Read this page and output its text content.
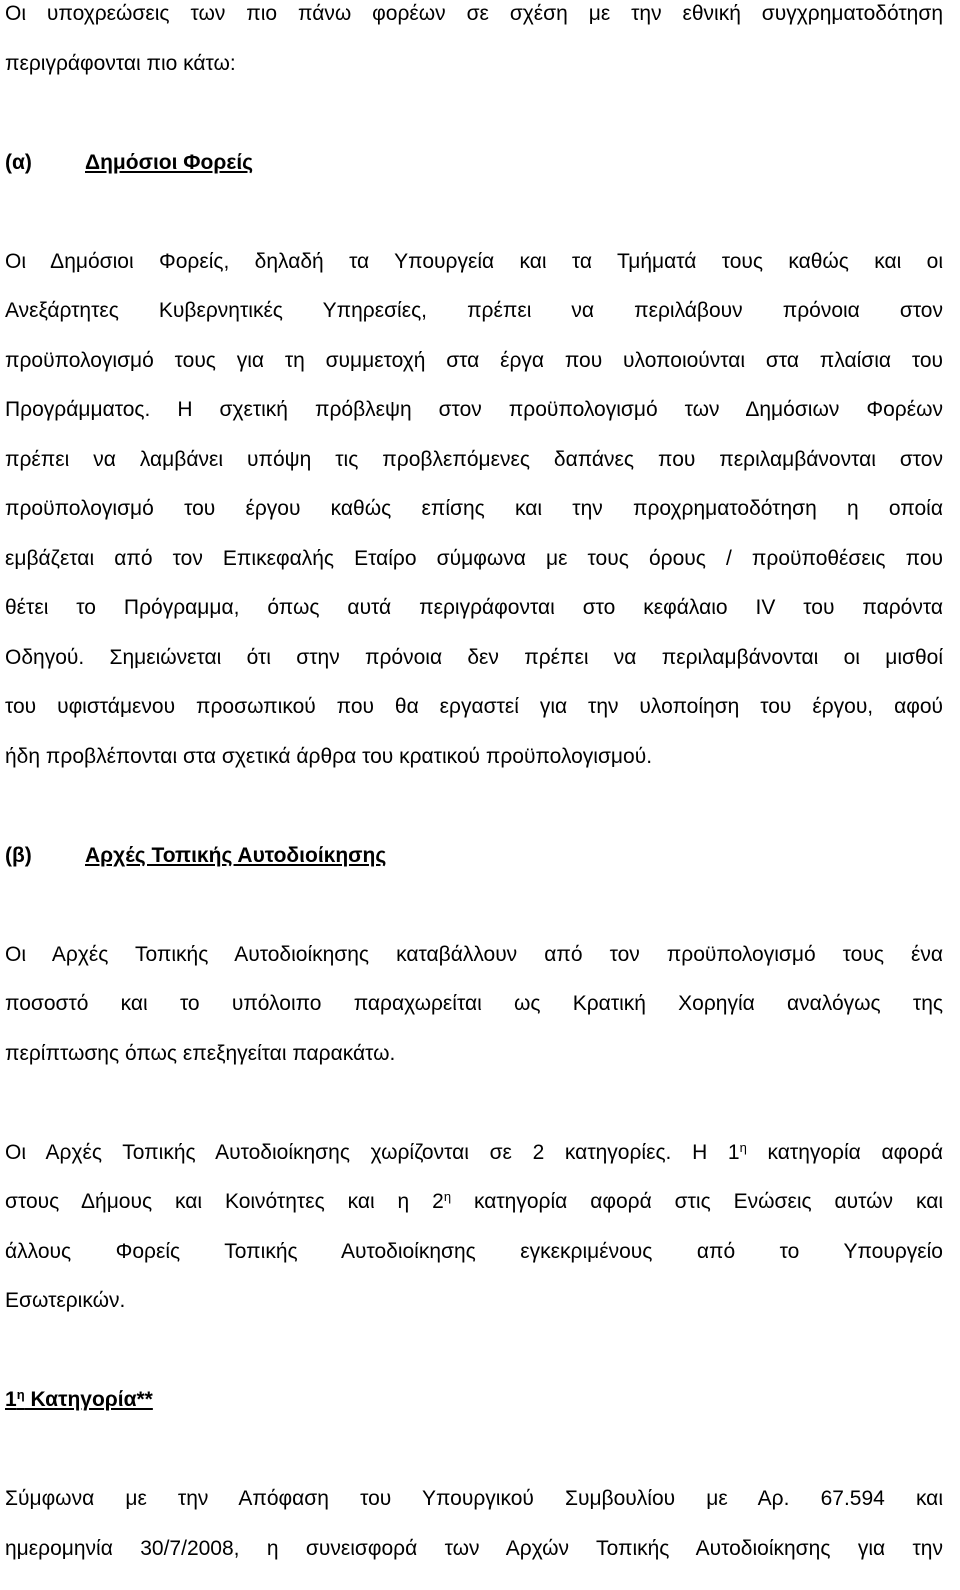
Οι υποχρεώσεις των πιο πάνω φορέων σε σχέση με την εθνική συγχρηματοδότηση
περιγράφονται πιο κάτω:
(α)	Δημόσιοι Φορείς
Οι Δημόσιοι Φορείς, δηλαδή τα Υπουργεία και τα Τμήματά τους καθώς και οι
Ανεξάρτητες Κυβερνητικές Υπηρεσίες, πρέπει να περιλάβουν πρόνοια στον
προϋπολογισμό τους για τη συμμετοχή στα έργα που υλοποιούνται στα πλαίσια του
Προγράμματος. Η σχετική πρόβλεψη στον προϋπολογισμό των Δημόσιων Φορέων
πρέπει να λαμβάνει υπόψη τις προβλεπόμενες δαπάνες που περιλαμβάνονται στον
προϋπολογισμό του έργου καθώς επίσης και την προχρηματοδότηση η οποία
εμβάζεται από τον Επικεφαλής Εταίρο σύμφωνα με τους όρους / προϋποθέσεις που
θέτει το Πρόγραμμα, όπως αυτά περιγράφονται στο κεφάλαιο IV του παρόντα
Οδηγού. Σημειώνεται ότι στην πρόνοια δεν πρέπει να περιλαμβάνονται οι μισθοί
του υφιστάμενου προσωπικού που θα εργαστεί για την υλοποίηση του έργου, αφού
ήδη προβλέπονται στα σχετικά άρθρα του κρατικού προϋπολογισμού.
(β)	Αρχές Τοπικής Αυτοδιοίκησης
Οι Αρχές Τοπικής Αυτοδιοίκησης καταβάλλουν από τον προϋπολογισμό τους ένα
ποσοστό και το υπόλοιπο παραχωρείται ως Κρατική Χορηγία αναλόγως της
περίπτωσης όπως επεξηγείται παρακάτω.
Οι Αρχές Τοπικής Αυτοδιοίκησης χωρίζονται σε 2 κατηγορίες. Η $1^\eta$ κατηγορία αφορά
στους Δήμους και Κοινότητες και η $2^\eta$ κατηγορία αφορά στις Ενώσεις αυτών και
άλλους Φορείς Τοπικής Αυτοδιοίκησης εγκεκριμένους από το Υπουργείο
Εσωτερικών.
$1^\eta$ Κατηγορία**
Σύμφωνα με την Απόφαση του Υπουργικού Συμβουλίου με Αρ. 67.594 και
ημερομηνία 30/7/2008, η συνεισφορά των Αρχών Τοπικής Αυτοδιοίκησης για την
